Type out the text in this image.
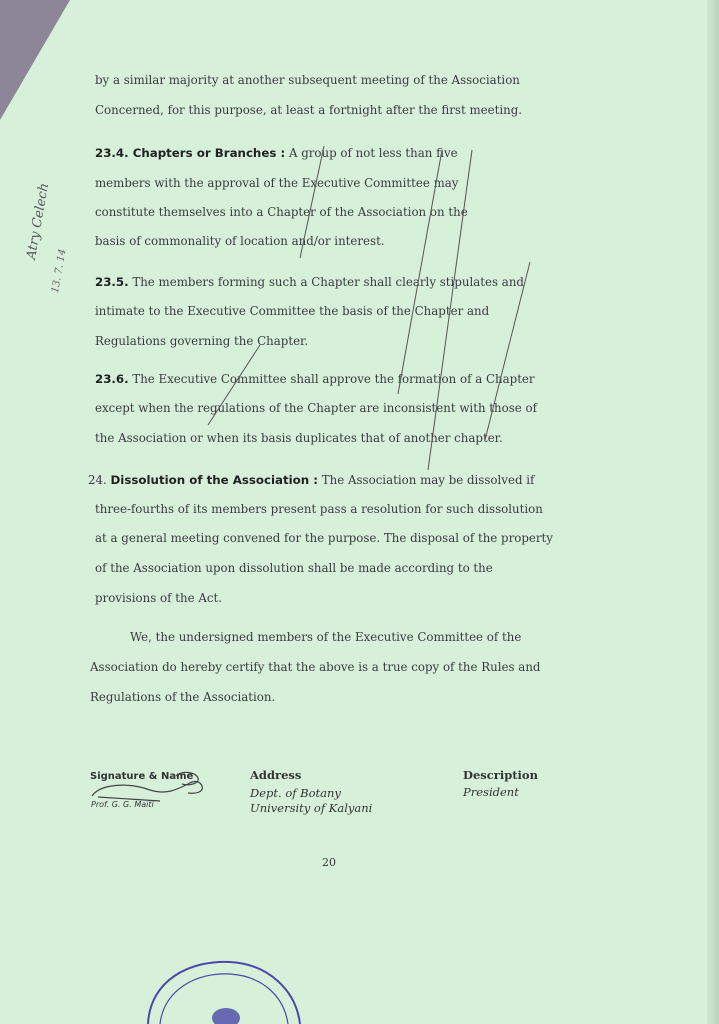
by a similar majority at another subsequent meeting of the Association
Concerned, for this purpose, at least a fortnight after the first meeting.
23.4. Chapters or Branches : A group of not less than five
members with the approval of the Executive Committee may
constitute themselves into a Chapter of the Association on the
basis of commonality of location and/or interest.
23.5. The members forming such a Chapter shall clearly stipulates and
intimate to the Executive Committee the basis of the Chapter and
Regulations governing the Chapter.
23.6. The Executive Committee shall approve the formation of a Chapter
except when the regulations of the Chapter are inconsistent with those of
the Association or when its basis duplicates that of another chapter.
24. Dissolution of the Association : The Association may be dissolved if
three-fourths of its members present pass a resolution for such dissolution
at a general meeting convened for the purpose. The disposal of the property
of the Association upon dissolution shall be made according to the
provisions of the Act.
We, the undersigned members of the Executive Committee of the
Association do hereby certify that the above is a true copy of the Rules and
Regulations of the Association.
Signature & Name
Prof. G. G. Maiti
Address
Dept. of Botany
University of Kalyani
Description
President
20
Atry Celech
13. 7. 14
